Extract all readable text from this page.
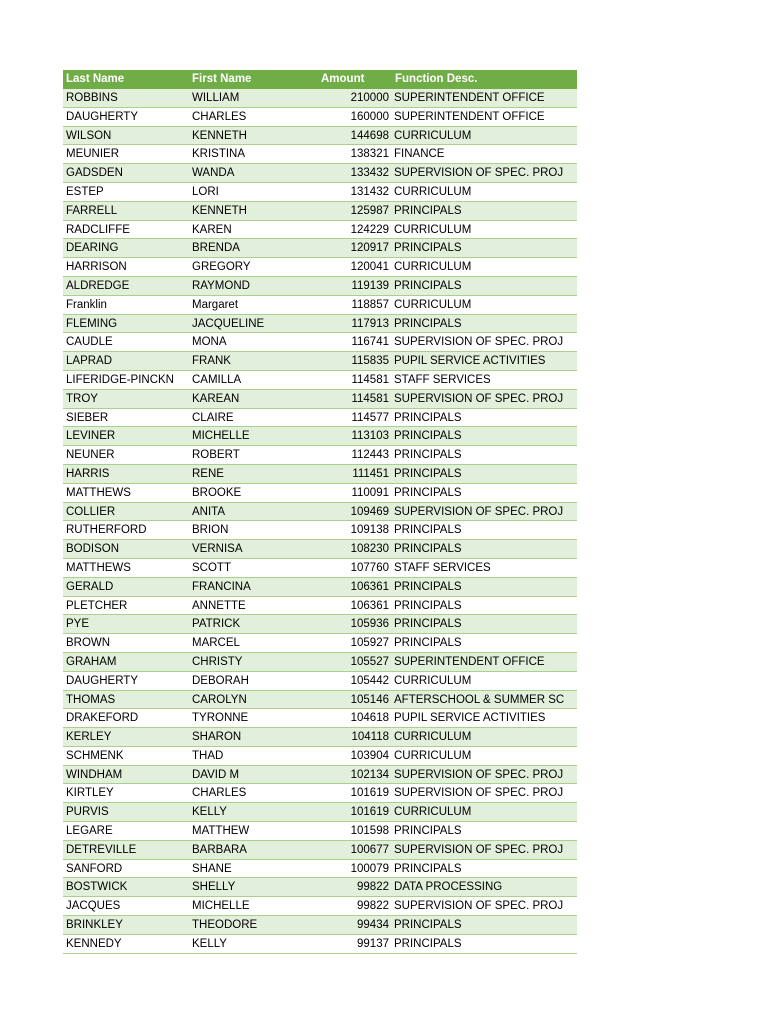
Last Name	First Name	Amount	Function Desc.
ROBBINS	WILLIAM	210000 SUPERINTENDENT OFFICE
DAUGHERTY	CHARLES	160000 SUPERINTENDENT OFFICE
WILSON	KENNETH	144698 CURRICULUM
MEUNIER	KRISTINA	138321 FINANCE
GADSDEN	WANDA	133432 SUPERVISION OF SPEC. PROJ
ESTEP	LORI	131432 CURRICULUM
FARRELL	KENNETH	125987 PRINCIPALS
RADCLIFFE	KAREN	124229 CURRICULUM
DEARING	BRENDA	120917 PRINCIPALS
HARRISON	GREGORY	120041 CURRICULUM
ALDREDGE	RAYMOND	119139 PRINCIPALS
Franklin	Margaret	118857 CURRICULUM
FLEMING	JACQUELINE	117913 PRINCIPALS
CAUDLE	MONA	116741 SUPERVISION OF SPEC. PROJ
LAPRAD	FRANK	115835 PUPIL SERVICE ACTIVITIES
LIFERIDGE-PINCKN	CAMILLA	114581 STAFF SERVICES
TROY	KAREAN	114581 SUPERVISION OF SPEC. PROJ
SIEBER	CLAIRE	114577 PRINCIPALS
LEVINER	MICHELLE	113103 PRINCIPALS
NEUNER	ROBERT	112443 PRINCIPALS
HARRIS	RENE	111451 PRINCIPALS
MATTHEWS	BROOKE	110091 PRINCIPALS
COLLIER	ANITA	109469 SUPERVISION OF SPEC. PROJ
RUTHERFORD	BRION	109138 PRINCIPALS
BODISON	VERNISA	108230 PRINCIPALS
MATTHEWS	SCOTT	107760 STAFF SERVICES
GERALD	FRANCINA	106361 PRINCIPALS
PLETCHER	ANNETTE	106361 PRINCIPALS
PYE	PATRICK	105936 PRINCIPALS
BROWN	MARCEL	105927 PRINCIPALS
GRAHAM	CHRISTY	105527 SUPERINTENDENT OFFICE
DAUGHERTY	DEBORAH	105442 CURRICULUM
THOMAS	CAROLYN	105146 AFTERSCHOOL & SUMMER SC
DRAKEFORD	TYRONNE	104618 PUPIL SERVICE ACTIVITIES
KERLEY	SHARON	104118 CURRICULUM
SCHMENK	THAD	103904 CURRICULUM
WINDHAM	DAVID M	102134 SUPERVISION OF SPEC. PROJ
KIRTLEY	CHARLES	101619 SUPERVISION OF SPEC. PROJ
PURVIS	KELLY	101619 CURRICULUM
LEGARE	MATTHEW	101598 PRINCIPALS
DETREVILLE	BARBARA	100677 SUPERVISION OF SPEC. PROJ
SANFORD	SHANE	100079 PRINCIPALS
BOSTWICK	SHELLY	99822 DATA PROCESSING
JACQUES	MICHELLE	99822 SUPERVISION OF SPEC. PROJ
BRINKLEY	THEODORE	99434 PRINCIPALS
KENNEDY	KELLY	99137 PRINCIPALS
